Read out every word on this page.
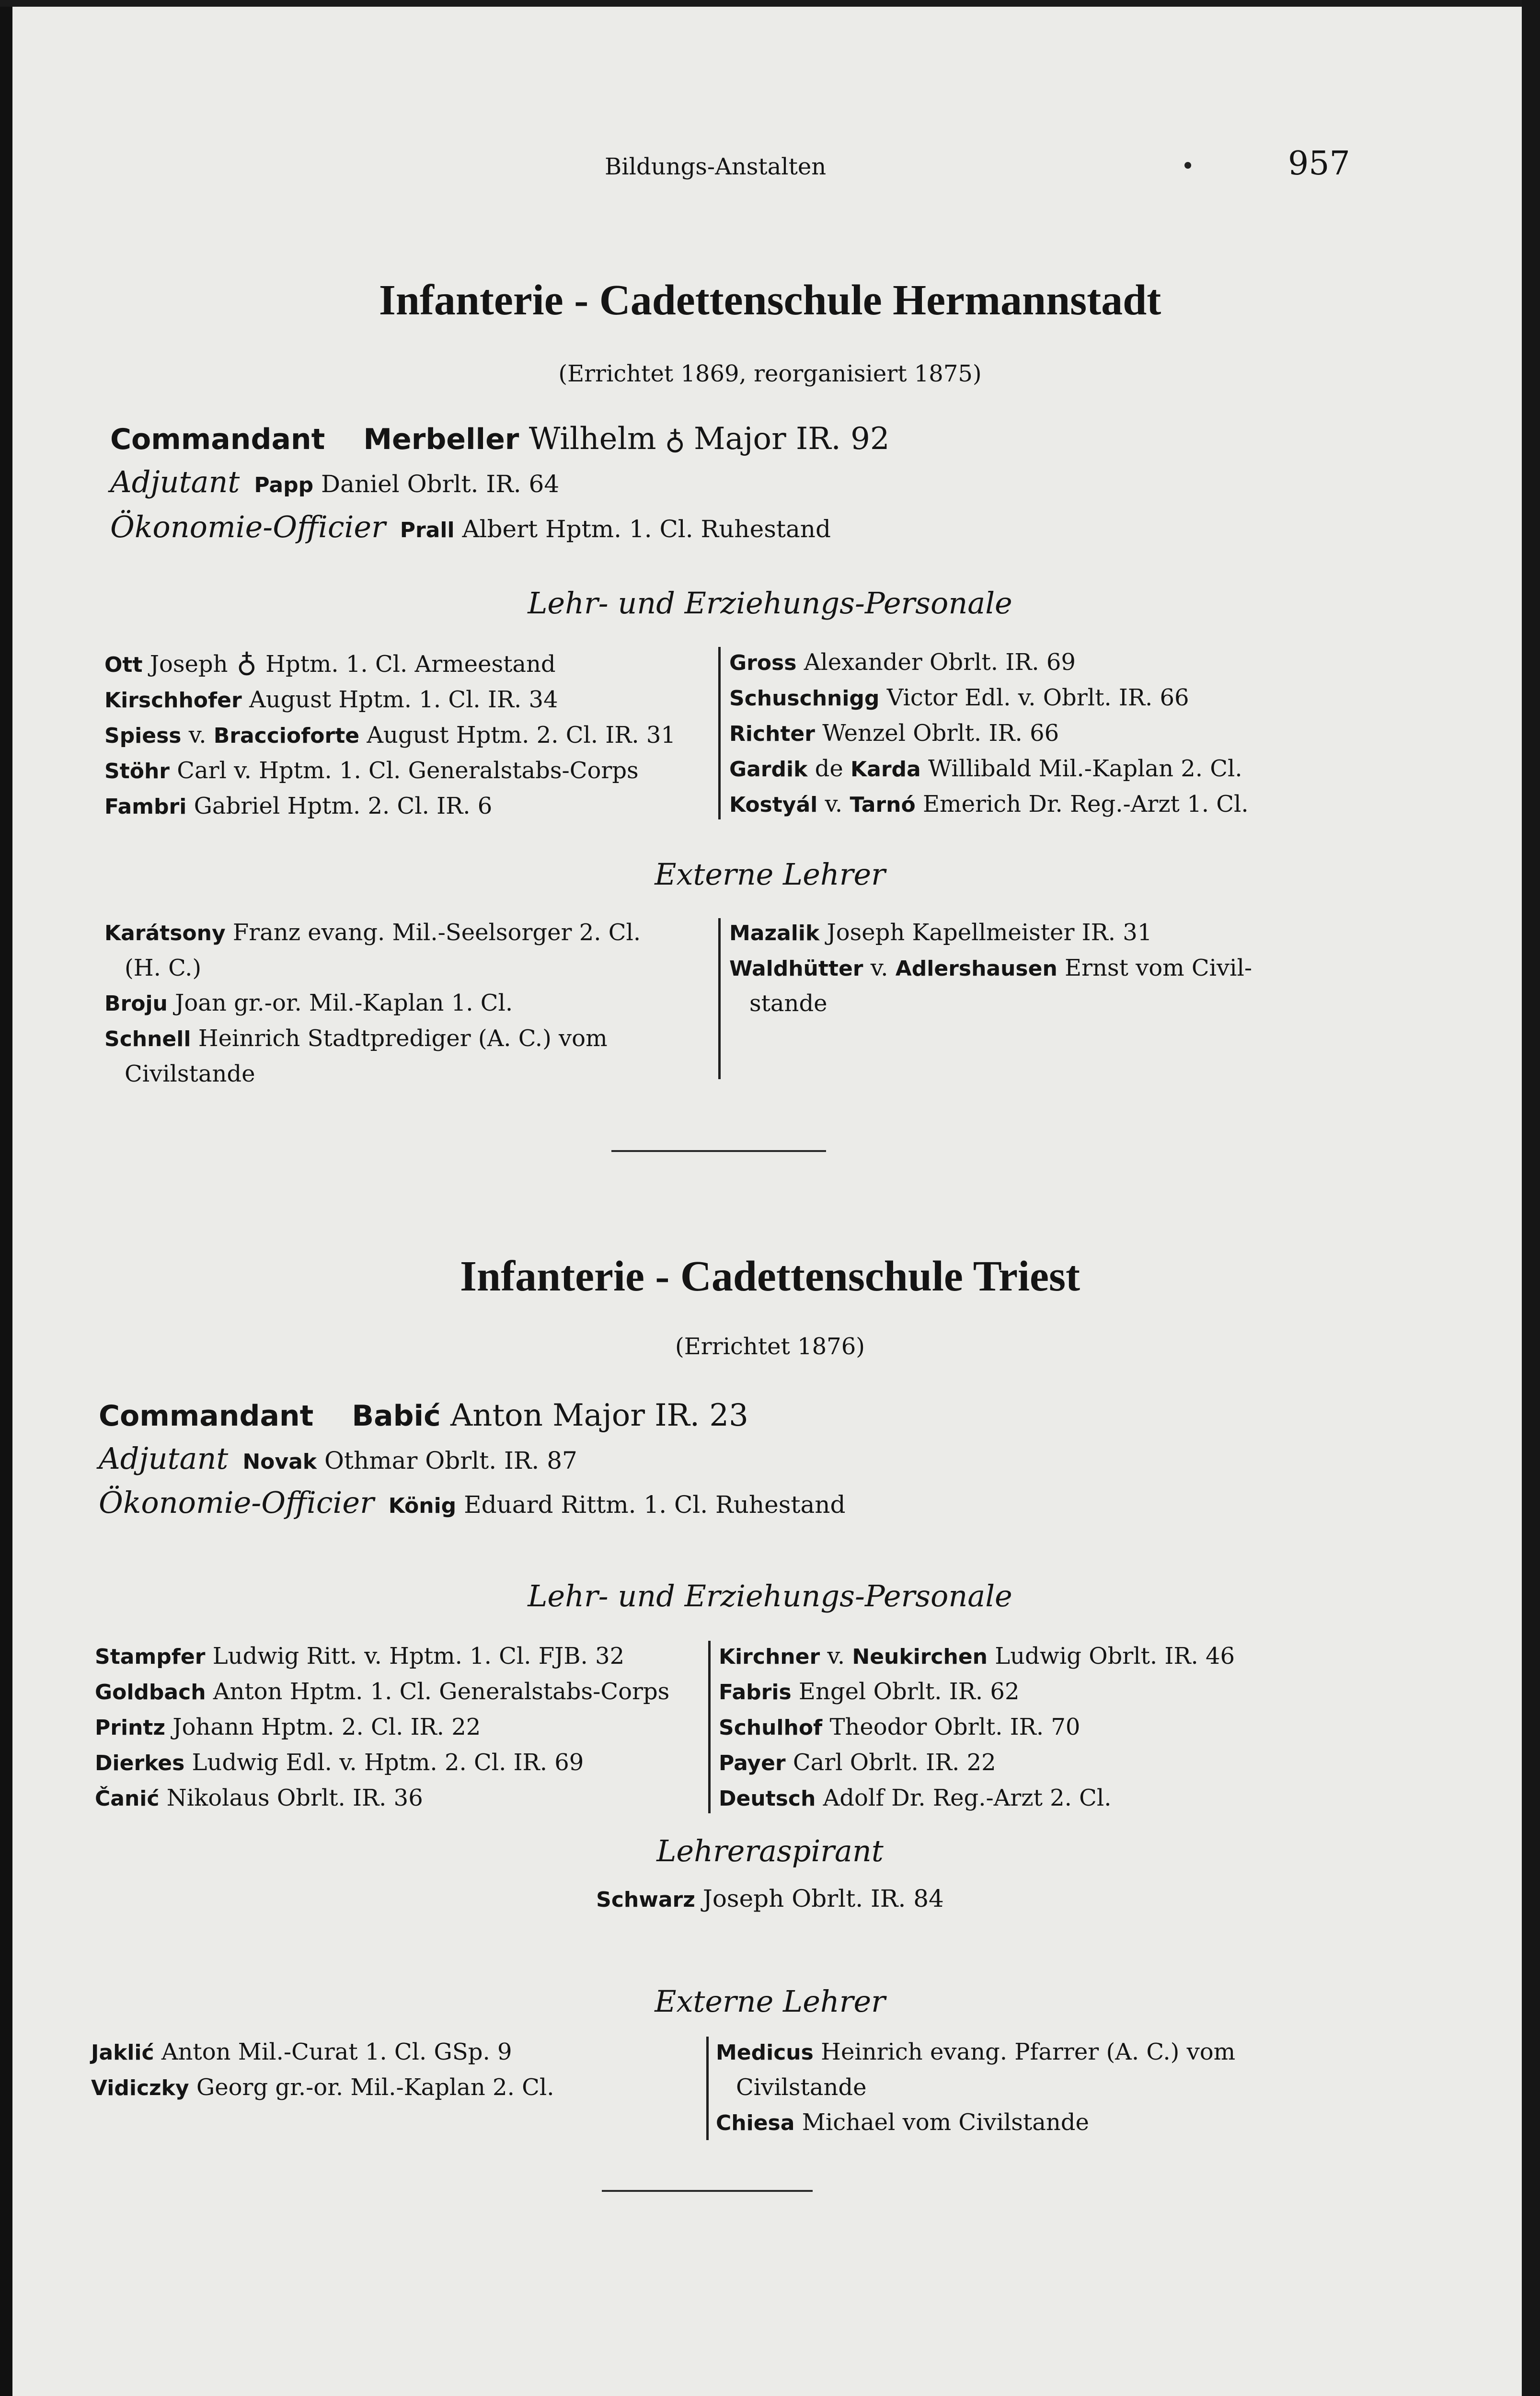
Bildungs-Anstalten	957
Infanterie - Cadettenschule Hermannstadt
(Errichtet 1869, reorganisiert 1875)
Commandant Merbeller Wilhelm ♁ Major IR. 92
Adjutant Papp Daniel Obrlt. IR. 64
Ökonomie-Officier Prall Albert Hptm. 1. Cl. Ruhestand
Lehr- und Erziehungs-Personale
Ott Joseph ♁ Hptm. 1. Cl. Armeestand
Kirschhofer August Hptm. 1. Cl. IR. 34
Spiess v. Braccioforte August Hptm. 2. Cl. IR. 31
Stöhr Carl v. Hptm. 1. Cl. Generalstabs-Corps
Fambri Gabriel Hptm. 2. Cl. IR. 6
Gross Alexander Obrlt. IR. 69
Schuschnigg Victor Edl. v. Obrlt. IR. 66
Richter Wenzel Obrlt. IR. 66
Gardik de Karda Willibald Mil.-Kaplan 2. Cl.
Kostyál v. Tarnó Emerich Dr. Reg.-Arzt 1. Cl.
Externe Lehrer
Karátsony Franz evang. Mil.-Seelsorger 2. Cl.
(H. C.)
Broju Joan gr.-or. Mil.-Kaplan 1. Cl.
Schnell Heinrich Stadtprediger (A. C.) vom
Civilstande
Mazalik Joseph Kapellmeister IR. 31
Waldhütter v. Adlershausen Ernst vom Civil-
stande
Infanterie - Cadettenschule Triest
(Errichtet 1876)
Commandant Babić Anton Major IR. 23
Adjutant Novak Othmar Obrlt. IR. 87
Ökonomie-Officier König Eduard Rittm. 1. Cl. Ruhestand
Lehr- und Erziehungs-Personale
Stampfer Ludwig Ritt. v. Hptm. 1. Cl. FJB. 32
Goldbach Anton Hptm. 1. Cl. Generalstabs-Corps
Printz Johann Hptm. 2. Cl. IR. 22
Dierkes Ludwig Edl. v. Hptm. 2. Cl. IR. 69
Čanić Nikolaus Obrlt. IR. 36
Kirchner v. Neukirchen Ludwig Obrlt. IR. 46
Fabris Engel Obrlt. IR. 62
Schulhof Theodor Obrlt. IR. 70
Payer Carl Obrlt. IR. 22
Deutsch Adolf Dr. Reg.-Arzt 2. Cl.
Lehreraspirant
Schwarz Joseph Obrlt. IR. 84
Externe Lehrer
Jaklić Anton Mil.-Curat 1. Cl. GSp. 9
Vidiczky Georg gr.-or. Mil.-Kaplan 2. Cl.
Medicus Heinrich evang. Pfarrer (A. C.) vom
Civilstande
Chiesa Michael vom Civilstande
